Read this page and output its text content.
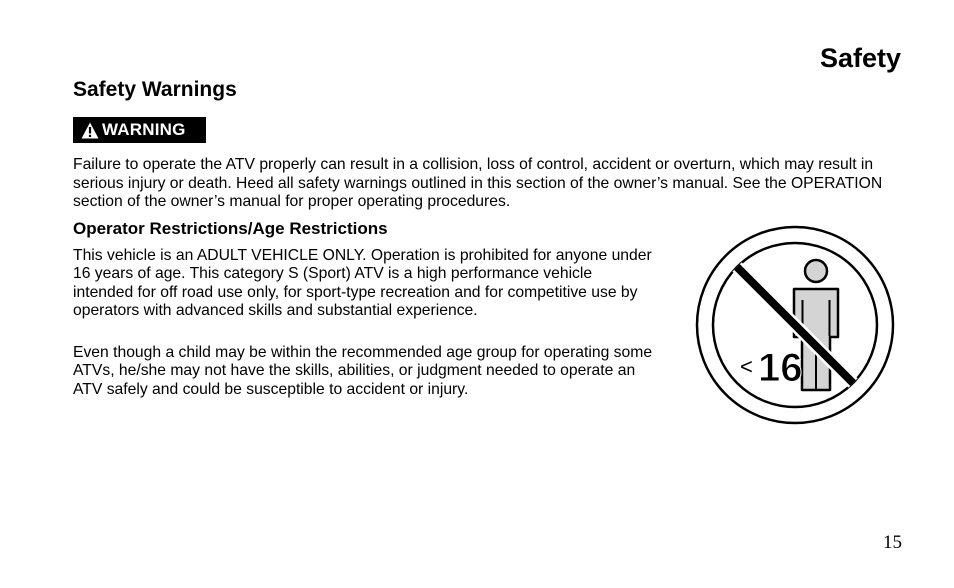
Safety
Safety Warnings
WARNING

Failure to operate the ATV properly can result in a collision, loss of control, accident or overturn, which may result in serious injury or death. Heed all safety warnings outlined in this section of the owner’s manual. See the OPERATION section of the owner’s manual for proper operating procedures.

Operator Restrictions/Age Restrictions

This vehicle is an ADULT VEHICLE ONLY. Operation is prohibited for anyone under 16 years of age. This category S (Sport) ATV is a high performance vehicle intended for off road use only, for sport-type recreation and for competitive use by operators with advanced skills and substantial experience.

Even though a child may be within the recommended age group for operating some ATVs, he/she may not have the skills, abilities, or judgment needed to operate an ATV safely and could be susceptible to accident or injury.

< 16

15
